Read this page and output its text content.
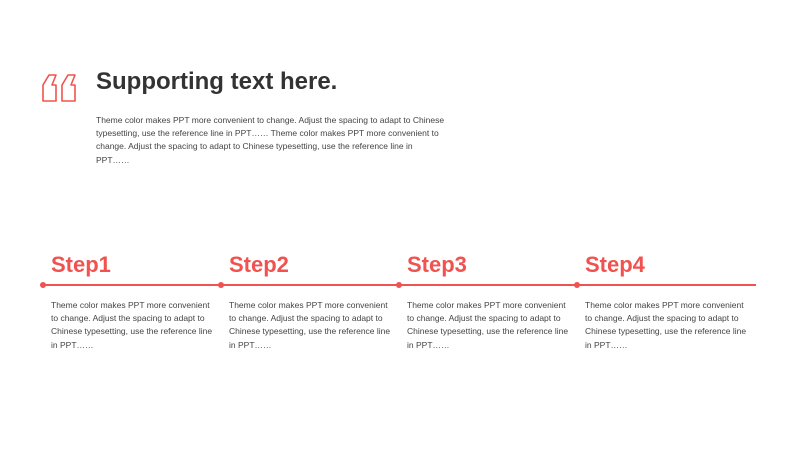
Supporting text here.

Theme color makes PPT more convenient to change. Adjust the spacing to adapt to Chinese typesetting, use the reference line in PPT…… Theme color makes PPT more convenient to change. Adjust the spacing to adapt to Chinese typesetting, use the reference line in PPT……

Step1

Theme color makes PPT more convenient to change. Adjust the spacing to adapt to Chinese typesetting, use the reference line in PPT……

Step2

Theme color makes PPT more convenient to change. Adjust the spacing to adapt to Chinese typesetting, use the reference line in PPT……

Step3

Theme color makes PPT more convenient to change. Adjust the spacing to adapt to Chinese typesetting, use the reference line in PPT……

Step4

Theme color makes PPT more convenient to change. Adjust the spacing to adapt to Chinese typesetting, use the reference line in PPT……
